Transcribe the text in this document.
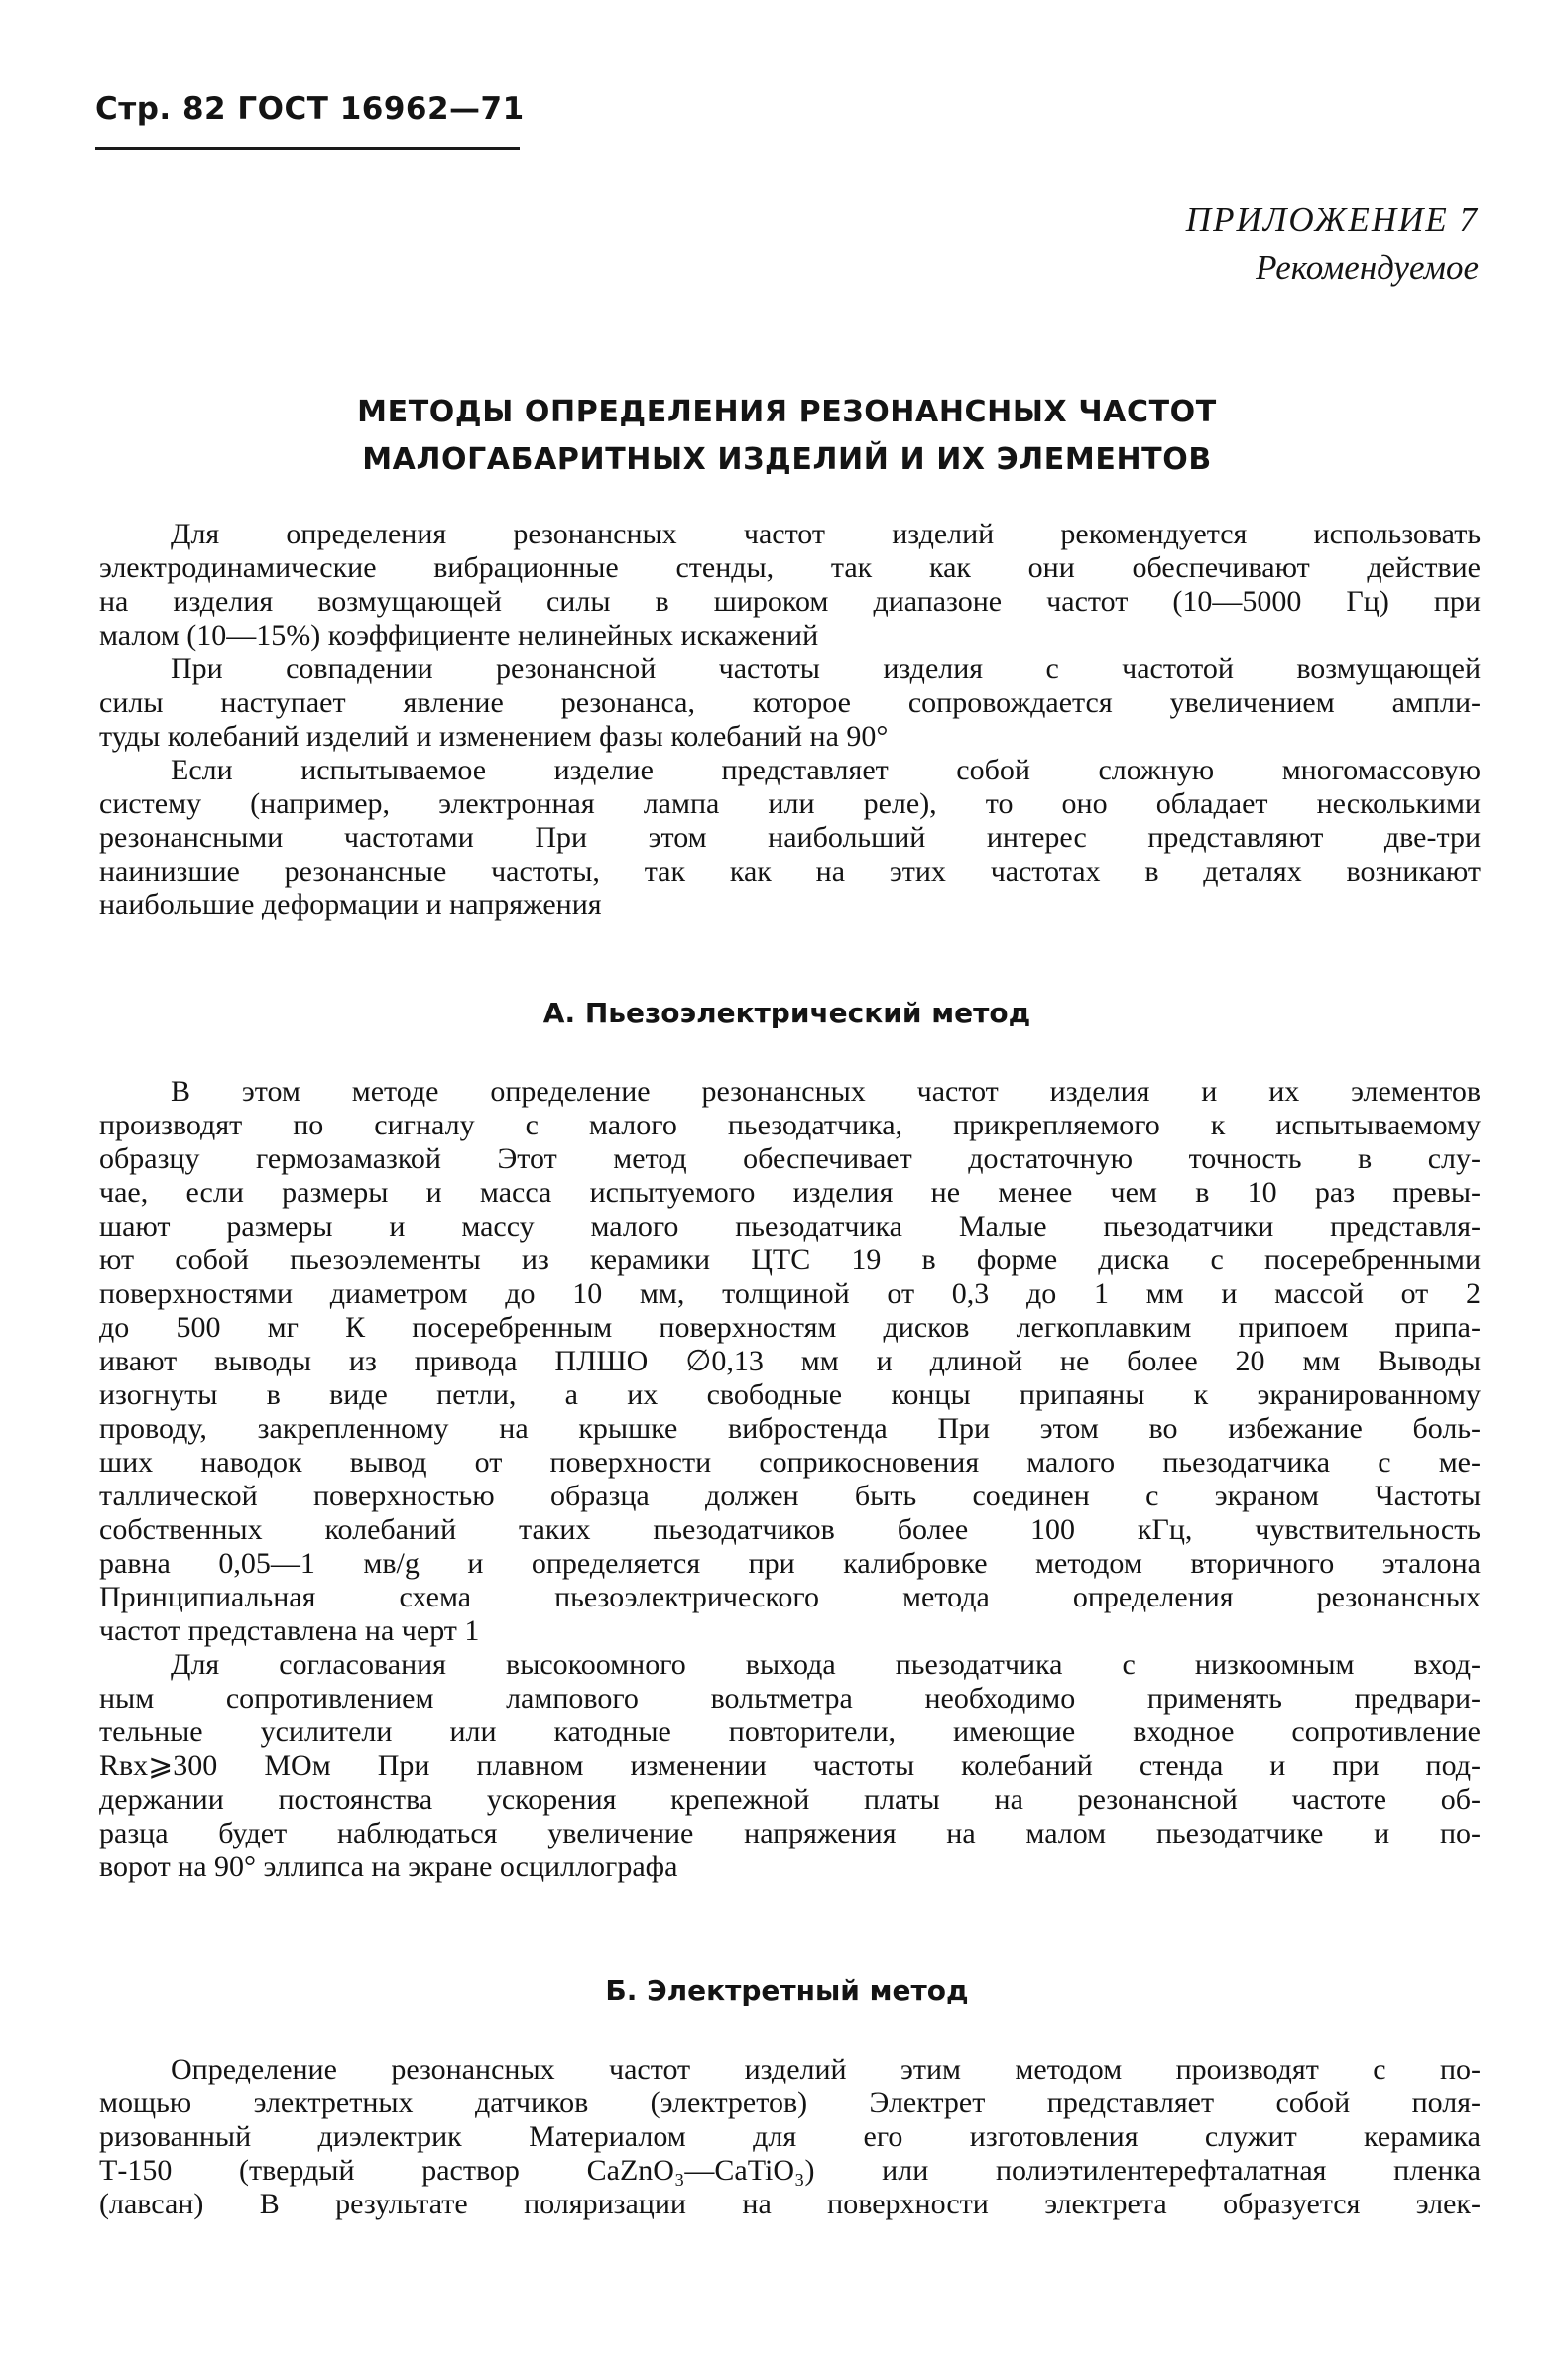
Стр. 82 ГОСТ 16962—71
ПРИЛОЖЕНИЕ 7
Рекомендуемое
МЕТОДЫ ОПРЕДЕЛЕНИЯ РЕЗОНАНСНЫХ ЧАСТОТ
МАЛОГАБАРИТНЫХ ИЗДЕЛИЙ И ИХ ЭЛЕМЕНТОВ
Для определения резонансных частот изделий рекомендуется использовать
электродинамические вибрационные стенды, так как они обеспечивают действие
на изделия возмущающей силы в широком диапазоне частот (10—5000 Гц) при
малом (10—15%) коэффициенте нелинейных искажений
При совпадении резонансной частоты изделия с частотой возмущающей
силы наступает явление резонанса, которое сопровождается увеличением ампли-
туды колебаний изделий и изменением фазы колебаний на 90°
Если испытываемое изделие представляет собой сложную многомассовую
систему (например, электронная лампа или реле), то оно обладает несколькими
резонансными частотами При этом наибольший интерес представляют две-три
наинизшие резонансные частоты, так как на этих частотах в деталях возникают
наибольшие деформации и напряжения
А. Пьезоэлектрический метод
В этом методе определение резонансных частот изделия и их элементов
производят по сигналу с малого пьезодатчика, прикрепляемого к испытываемому
образцу гермозамазкой Этот метод обеспечивает достаточную точность в слу-
чае, если размеры и масса испытуемого изделия не менее чем в 10 раз превы-
шают размеры и массу малого пьезодатчика Малые пьезодатчики представля-
ют собой пьезоэлементы из керамики ЦТС 19 в форме диска с посеребренными
поверхностями диаметром до 10 мм, толщиной от 0,3 до 1 мм и массой от 2
до 500 мг К посеребренным поверхностям дисков легкоплавким припоем припа-
ивают выводы из привода ПЛШО ∅0,13 мм и длиной не более 20 мм Выводы
изогнуты в виде петли, а их свободные концы припаяны к экранированному
проводу, закрепленному на крышке вибростенда При этом во избежание боль-
ших наводок вывод от поверхности соприкосновения малого пьезодатчика с ме-
таллической поверхностью образца должен быть соединен с экраном Частоты
собственных колебаний таких пьезодатчиков более 100 кГц, чувствительность
равна 0,05—1 мв/g и определяется при калибровке методом вторичного эталона
Принципиальная схема пьезоэлектрического метода определения резонансных
частот представлена на черт 1
Для согласования высокоомного выхода пьезодатчика с низкоомным вход-
ным сопротивлением лампового вольтметра необходимо применять предвари-
тельные усилители или катодные повторители, имеющие входное сопротивление
Rвх⩾300 МОм При плавном изменении частоты колебаний стенда и при под-
держании постоянства ускорения крепежной платы на резонансной частоте об-
разца будет наблюдаться увеличение напряжения на малом пьезодатчике и по-
ворот на 90° эллипса на экране осциллографа
Б. Электретный метод
Определение резонансных частот изделий этим методом производят с по-
мощью электретных датчиков (электретов) Электрет представляет собой поля-
ризованный диэлектрик Материалом для его изготовления служит керамика
Т-150 (твердый раствор CaZnO₃—CaTiO₃) или полиэтилентерефталатная пленка
(лавсан) В результате поляризации на поверхности электрета образуется элек-
